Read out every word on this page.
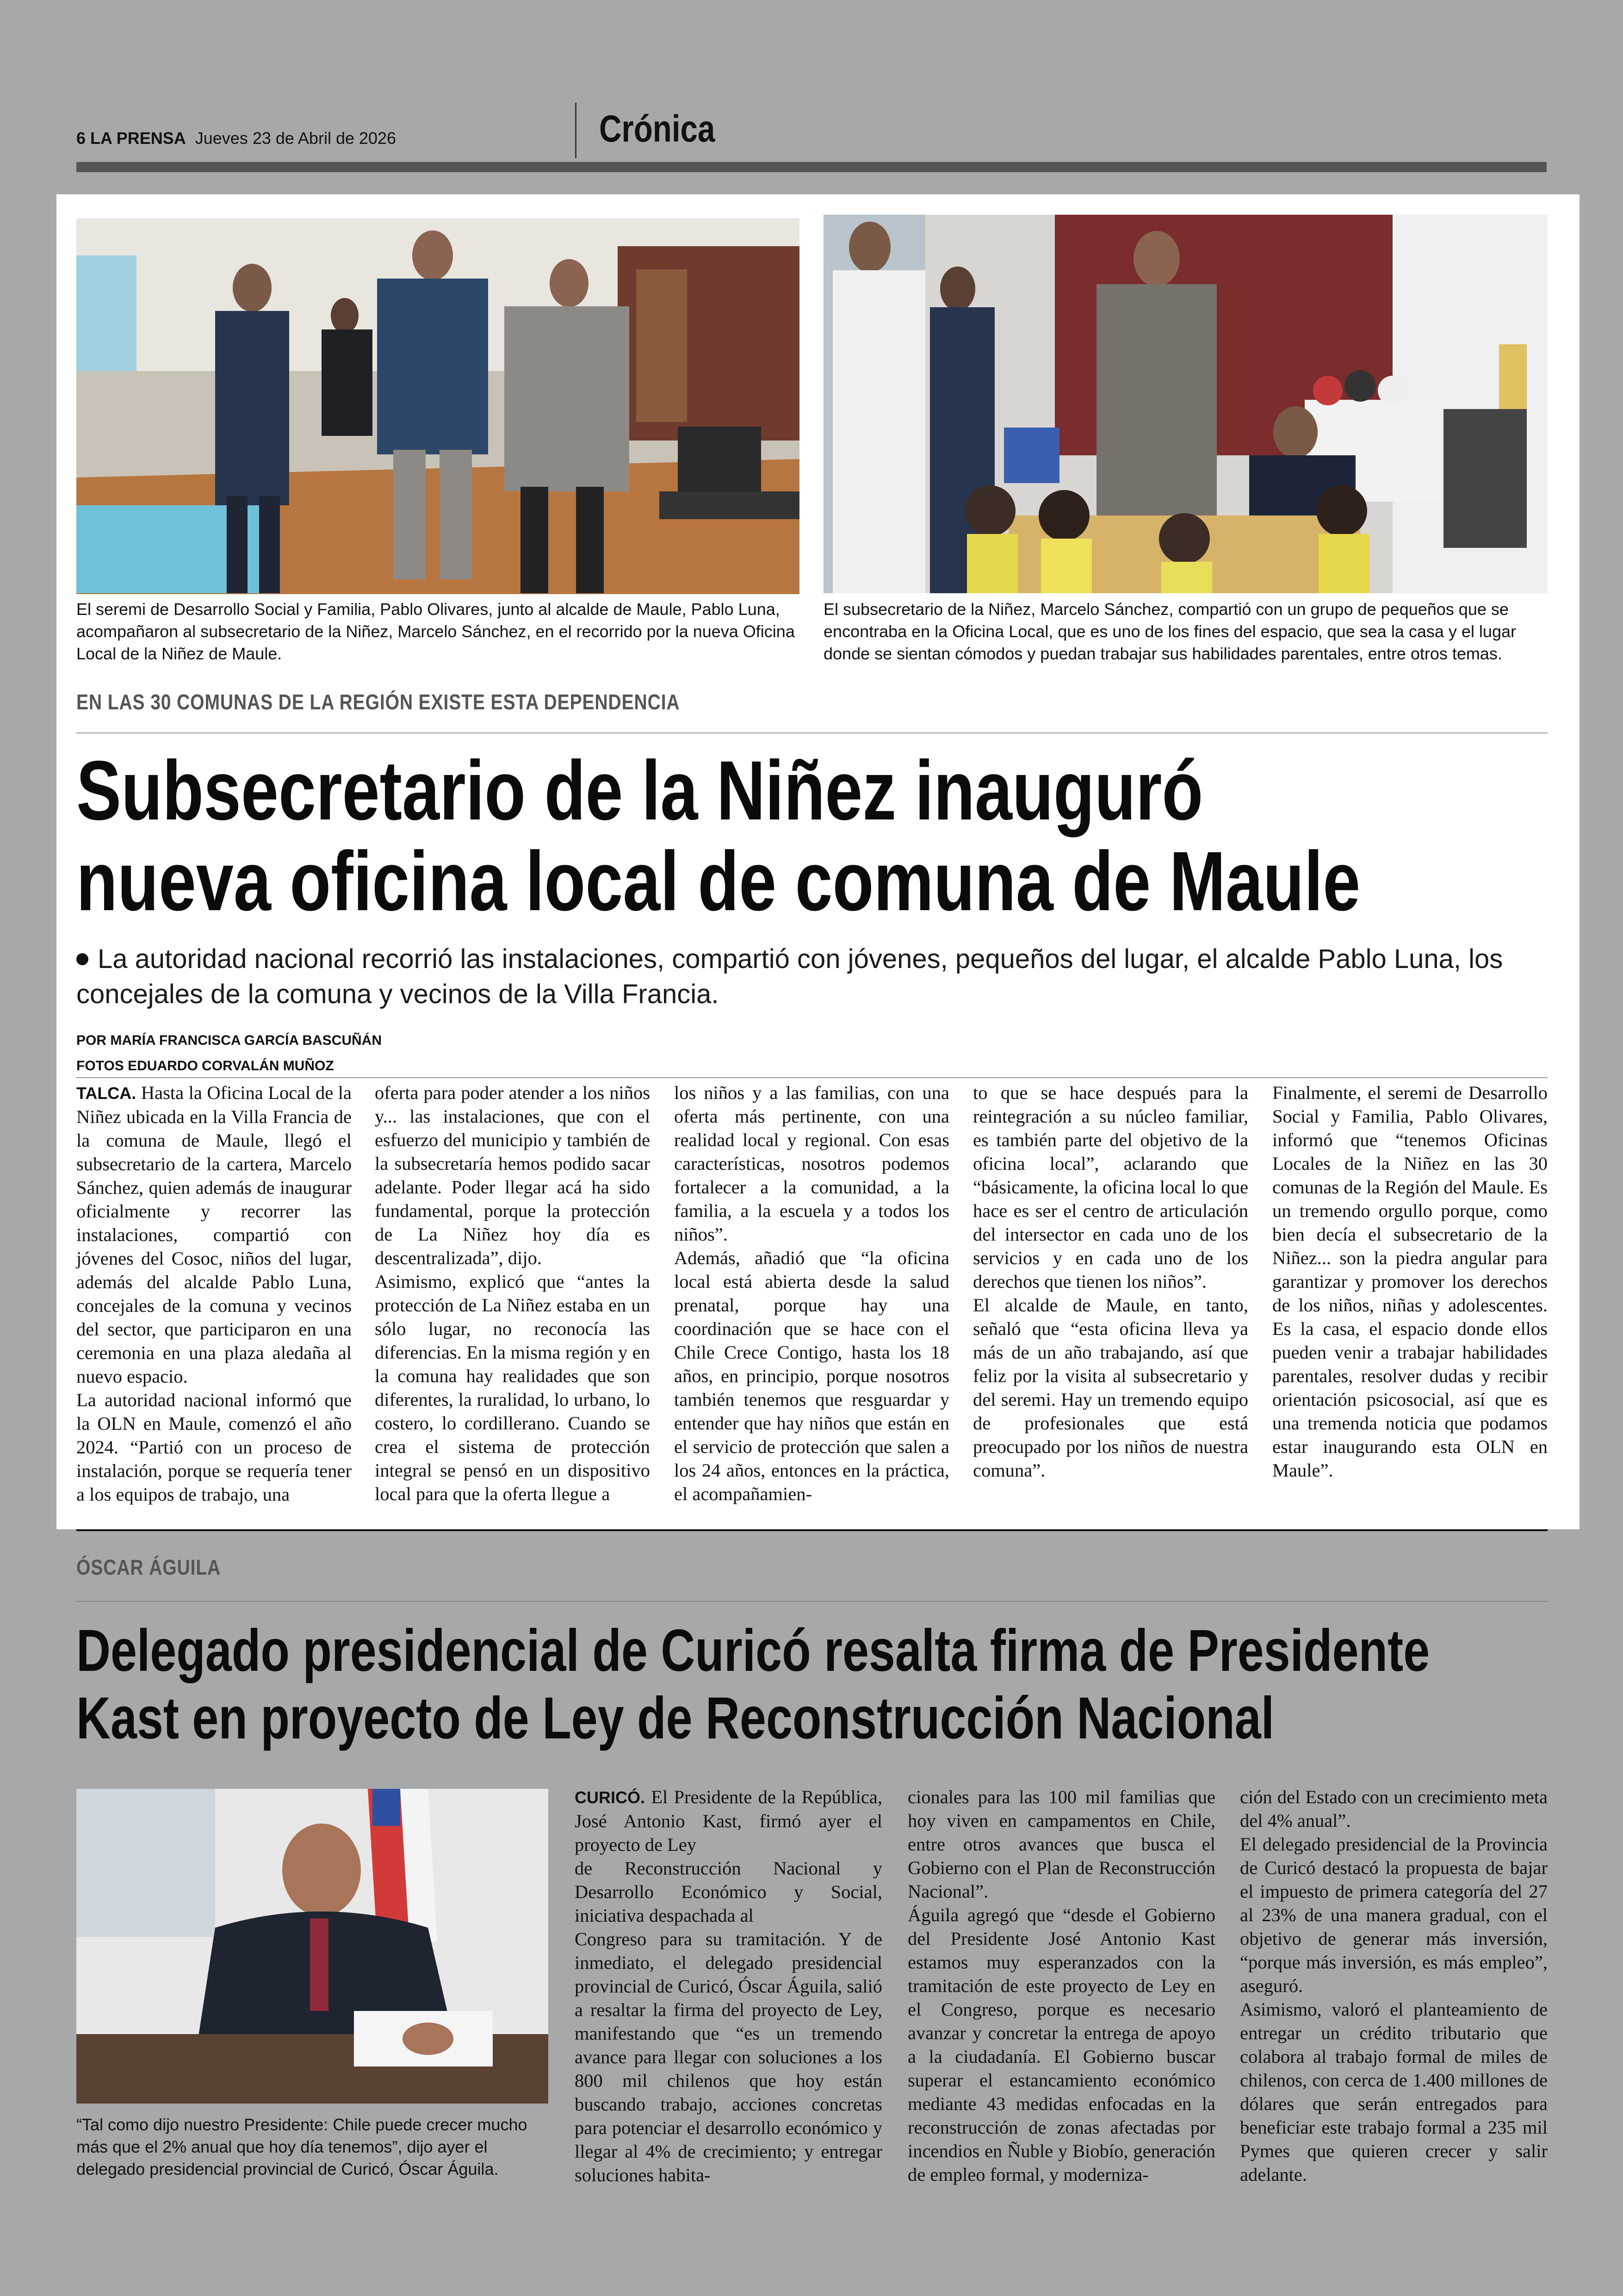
6 LA PRENSA Jueves 23 de Abril de 2026	Crónica
El seremi de Desarrollo Social y Familia, Pablo Olivares, junto al alcalde de Maule, Pablo Luna, acompañaron al subsecretario de la Niñez, Marcelo Sánchez, en el recorrido por la nueva Oficina Local de la Niñez de Maule.
El subsecretario de la Niñez, Marcelo Sánchez, compartió con un grupo de pequeños que se encontraba en la Oficina Local, que es uno de los fines del espacio, que sea la casa y el lugar donde se sientan cómodos y puedan trabajar sus habilidades parentales, entre otros temas.
EN LAS 30 COMUNAS DE LA REGIÓN EXISTE ESTA DEPENDENCIA
Subsecretario de la Niñez inauguró
nueva oficina local de comuna de Maule
La autoridad nacional recorrió las instalaciones, compartió con jóvenes, pequeños del lugar, el alcalde Pablo Luna, los concejales de la comuna y vecinos de la Villa Francia.
POR MARÍA FRANCISCA GARCÍA BASCUÑÁN
FOTOS EDUARDO CORVALÁN MUÑOZ

TALCA. Hasta la Oficina Local de la Niñez ubicada en la Villa Francia de la comuna de Maule, llegó el subsecretario de la cartera, Marcelo Sánchez, quien además de inaugurar oficialmente y recorrer las instalaciones, compartió con jóvenes del Cosoc, niños del lugar, además del alcalde Pablo Luna, concejales de la comuna y vecinos del sector, que participaron en una ceremonia en una plaza aledaña al nuevo espacio.

La autoridad nacional informó que la OLN en Maule, comenzó el año 2024. “Partió con un proceso de instalación, porque se requería tener a los equipos de trabajo, una

oferta para poder atender a los niños y... las instalaciones, que con el esfuerzo del municipio y también de la subsecretaría hemos podido sacar adelante. Poder llegar acá ha sido fundamental, porque la protección de La Niñez hoy día es descentralizada”, dijo.

Asimismo, explicó que “antes la protección de La Niñez estaba en un sólo lugar, no reconocía las diferencias. En la misma región y en la comuna hay realidades que son diferentes, la ruralidad, lo urbano, lo costero, lo cordillerano. Cuando se crea el sistema de protección integral se pensó en un dispositivo local para que la oferta llegue a

los niños y a las familias, con una oferta más pertinente, con una realidad local y regional. Con esas características, nosotros podemos fortalecer a la comunidad, a la familia, a la escuela y a todos los niños”.

Además, añadió que “la oficina local está abierta desde la salud prenatal, porque hay una coordinación que se hace con el Chile Crece Contigo, hasta los 18 años, en principio, porque nosotros también tenemos que resguardar y entender que hay niños que están en el servicio de protección que salen a los 24 años, entonces en la práctica, el acompañamien-

to que se hace después para la reintegración a su núcleo familiar, es también parte del objetivo de la oficina local”, aclarando que “básicamente, la oficina local lo que hace es ser el centro de articulación del intersector en cada uno de los servicios y en cada uno de los derechos que tienen los niños”.

El alcalde de Maule, en tanto, señaló que “esta oficina lleva ya más de un año trabajando, así que feliz por la visita al subsecretario y del seremi. Hay un tremendo equipo de profesionales que está preocupado por los niños de nuestra comuna”.

Finalmente, el seremi de Desarrollo Social y Familia, Pablo Olivares, informó que “tenemos Oficinas Locales de la Niñez en las 30 comunas de la Región del Maule. Es un tremendo orgullo porque, como bien decía el subsecretario de la Niñez... son la piedra angular para garantizar y promover los derechos de los niños, niñas y adolescentes. Es la casa, el espacio donde ellos pueden venir a trabajar habilidades parentales, resolver dudas y recibir orientación psicosocial, así que es una tremenda noticia que podamos estar inaugurando esta OLN en Maule”.

ÓSCAR ÁGUILA
Delegado presidencial de Curicó resalta firma de Presidente
Kast en proyecto de Ley de Reconstrucción Nacional
“Tal como dijo nuestro Presidente: Chile puede crecer mucho más que el 2% anual que hoy día tenemos”, dijo ayer el delegado presidencial provincial de Curicó, Óscar Águila.

CURICÓ. El Presidente de la República, José Antonio Kast, firmó ayer el proyecto de Ley

de Reconstrucción Nacional y Desarrollo Económico y Social, iniciativa despachada al

Congreso para su tramitación. Y de inmediato, el delegado presidencial provincial de Curicó, Óscar Águila, salió a resaltar la firma del proyecto de Ley, manifestando que “es un tremendo avance para llegar con soluciones a los 800 mil chilenos que hoy están buscando trabajo, acciones concretas para potenciar el desarrollo económico y llegar al 4% de crecimiento; y entregar soluciones habita-

cionales para las 100 mil familias que hoy viven en campamentos en Chile, entre otros avances que busca el Gobierno con el Plan de Reconstrucción Nacional”.

Águila agregó que “desde el Gobierno del Presidente José Antonio Kast estamos muy esperanzados con la tramitación de este proyecto de Ley en el Congreso, porque es necesario avanzar y concretar la entrega de apoyo a la ciudadanía. El Gobierno buscar superar el estancamiento económico mediante 43 medidas enfocadas en la reconstrucción de zonas afectadas por incendios en Ñuble y Biobío, generación de empleo formal, y moderniza-

ción del Estado con un crecimiento meta del 4% anual”.

El delegado presidencial de la Provincia de Curicó destacó la propuesta de bajar el impuesto de primera categoría del 27 al 23% de una manera gradual, con el objetivo de generar más inversión, “porque más inversión, es más empleo”, aseguró.

Asimismo, valoró el planteamiento de entregar un crédito tributario que colabora al trabajo formal de miles de chilenos, con cerca de 1.400 millones de dólares que serán entregados para beneficiar este trabajo formal a 235 mil Pymes que quieren crecer y salir adelante.
